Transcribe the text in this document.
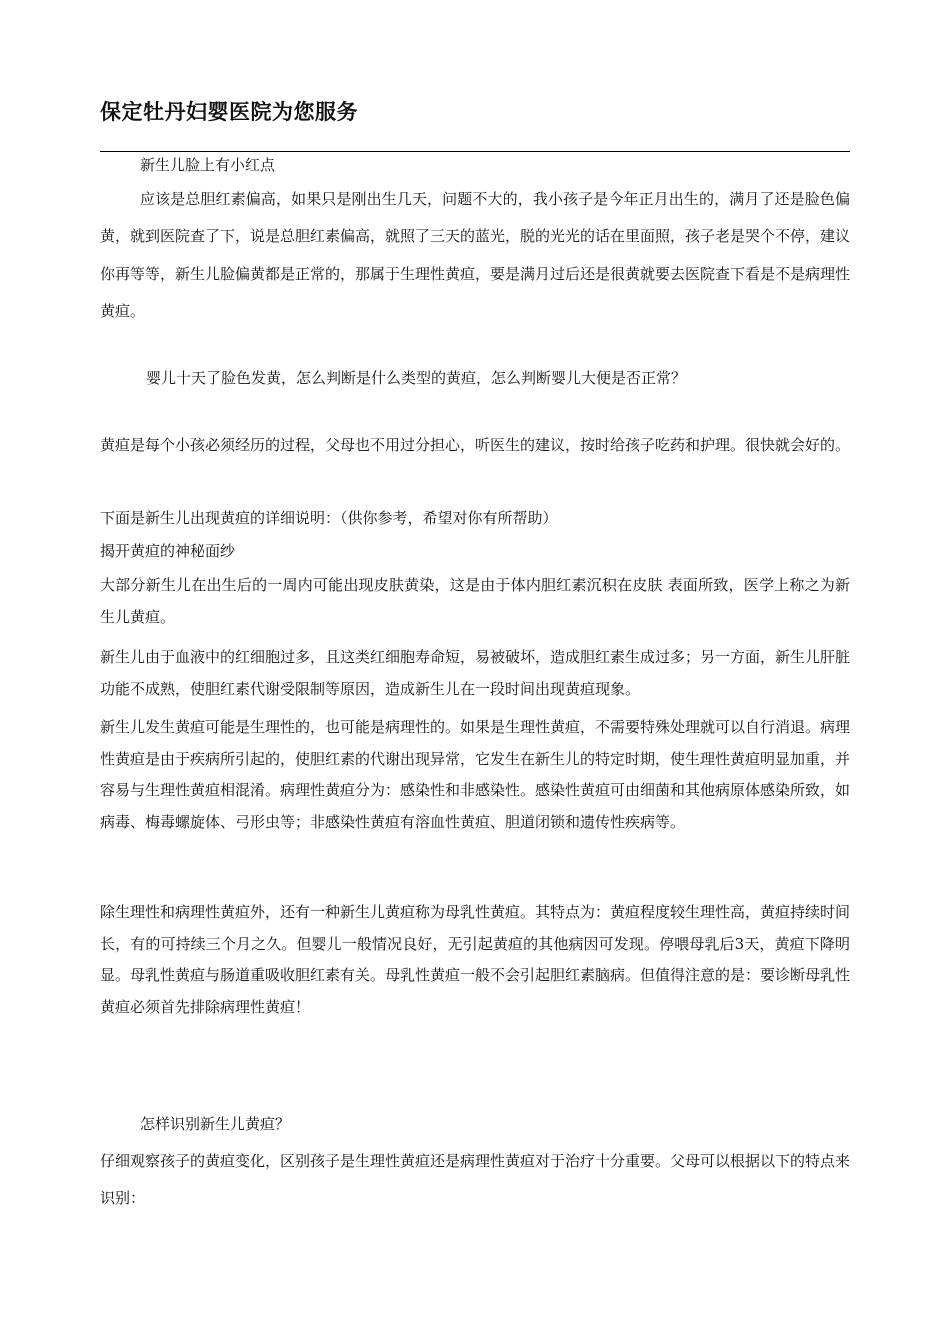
保定牡丹妇婴医院为您服务
新生儿脸上有小红点
应该是总胆红素偏高，如果只是刚出生几天，问题不大的，我小孩子是今年正月出生的，满月了还是脸色偏黄，就到医院查了下，说是总胆红素偏高，就照了三天的蓝光，脱的光光的话在里面照，孩子老是哭个不停，建议你再等等，新生儿脸偏黄都是正常的，那属于生理性黄疸，要是满月过后还是很黄就要去医院查下看是不是病理性黄疸。
婴儿十天了脸色发黄，怎么判断是什么类型的黄疸，怎么判断婴儿大便是否正常？
黄疸是每个小孩必须经历的过程，父母也不用过分担心，听医生的建议，按时给孩子吃药和护理。很快就会好的。
下面是新生儿出现黄疸的详细说明：（供你参考，希望对你有所帮助）
揭开黄疸的神秘面纱
大部分新生儿在出生后的一周内可能出现皮肤黄染，这是由于体内胆红素沉积在皮肤 表面所致，医学上称之为新生儿黄疸。
新生儿由于血液中的红细胞过多，且这类红细胞寿命短，易被破坏，造成胆红素生成过多；另一方面，新生儿肝脏功能不成熟，使胆红素代谢受限制等原因，造成新生儿在一段时间出现黄疸现象。
新生儿发生黄疸可能是生理性的，也可能是病理性的。如果是生理性黄疸，不需要特殊处理就可以自行消退。病理性黄疸是由于疾病所引起的，使胆红素的代谢出现异常，它发生在新生儿的特定时期，使生理性黄疸明显加重，并容易与生理性黄疸相混淆。病理性黄疸分为：感染性和非感染性。感染性黄疸可由细菌和其他病原体感染所致，如病毒、梅毒螺旋体、弓形虫等；非感染性黄疸有溶血性黄疸、胆道闭锁和遗传性疾病等。
除生理性和病理性黄疸外，还有一种新生儿黄疸称为母乳性黄疸。其特点为：黄疸程度较生理性高，黄疸持续时间长，有的可持续三个月之久。但婴儿一般情况良好，无引起黄疸的其他病因可发现。停喂母乳后3天，黄疸下降明显。母乳性黄疸与肠道重吸收胆红素有关。母乳性黄疸一般不会引起胆红素脑病。但值得注意的是：要诊断母乳性黄疸必须首先排除病理性黄疸！
怎样识别新生儿黄疸？
仔细观察孩子的黄疸变化，区别孩子是生理性黄疸还是病理性黄疸对于治疗十分重要。父母可以根据以下的特点来识别：
